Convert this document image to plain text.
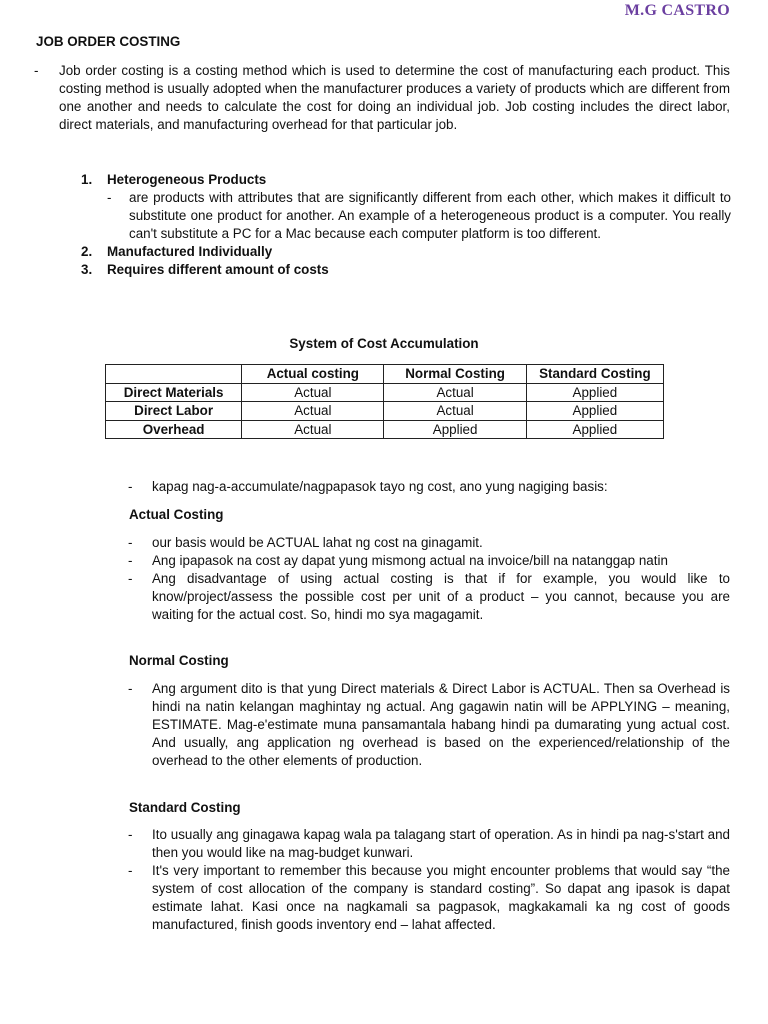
M.G CASTRO
JOB ORDER COSTING
-	Job order costing is a costing method which is used to determine the cost of manufacturing each product. This costing method is usually adopted when the manufacturer produces a variety of products which are different from one another and needs to calculate the cost for doing an individual job. Job costing includes the direct labor, direct materials, and manufacturing overhead for that particular job.
1.	Heterogeneous Products
-	are products with attributes that are significantly different from each other, which makes it difficult to substitute one product for another. An example of a heterogeneous product is a computer. You really can't substitute a PC for a Mac because each computer platform is too different.
2.	Manufactured Individually
3.	Requires different amount of costs
System of Cost Accumulation
	Actual costing	Normal Costing	Standard Costing
Direct Materials	Actual	Actual	Applied
Direct Labor	Actual	Actual	Applied
Overhead	Actual	Applied	Applied
-	kapag nag-a-accumulate/nagpapasok tayo ng cost, ano yung nagiging basis:
Actual Costing
-	our basis would be ACTUAL lahat ng cost na ginagamit.
-	Ang ipapasok na cost ay dapat yung mismong actual na invoice/bill na natanggap natin
-	Ang disadvantage of using actual costing is that if for example, you would like to know/project/assess the possible cost per unit of a product – you cannot, because you are waiting for the actual cost. So, hindi mo sya magagamit.
Normal Costing
-	Ang argument dito is that yung Direct materials & Direct Labor is ACTUAL. Then sa Overhead is hindi na natin kelangan maghintay ng actual. Ang gagawin natin will be APPLYING – meaning, ESTIMATE. Mag-e'estimate muna pansamantala habang hindi pa dumarating yung actual cost. And usually, ang application ng overhead is based on the experienced/relationship of the overhead to the other elements of production.
Standard Costing
-	Ito usually ang ginagawa kapag wala pa talagang start of operation. As in hindi pa nag-s'start and then you would like na mag-budget kunwari.
-	It's very important to remember this because you might encounter problems that would say “the system of cost allocation of the company is standard costing”. So dapat ang ipasok is dapat estimate lahat. Kasi once na nagkamali sa pagpasok, magkakamali ka ng cost of goods manufactured, finish goods inventory end – lahat affected.
